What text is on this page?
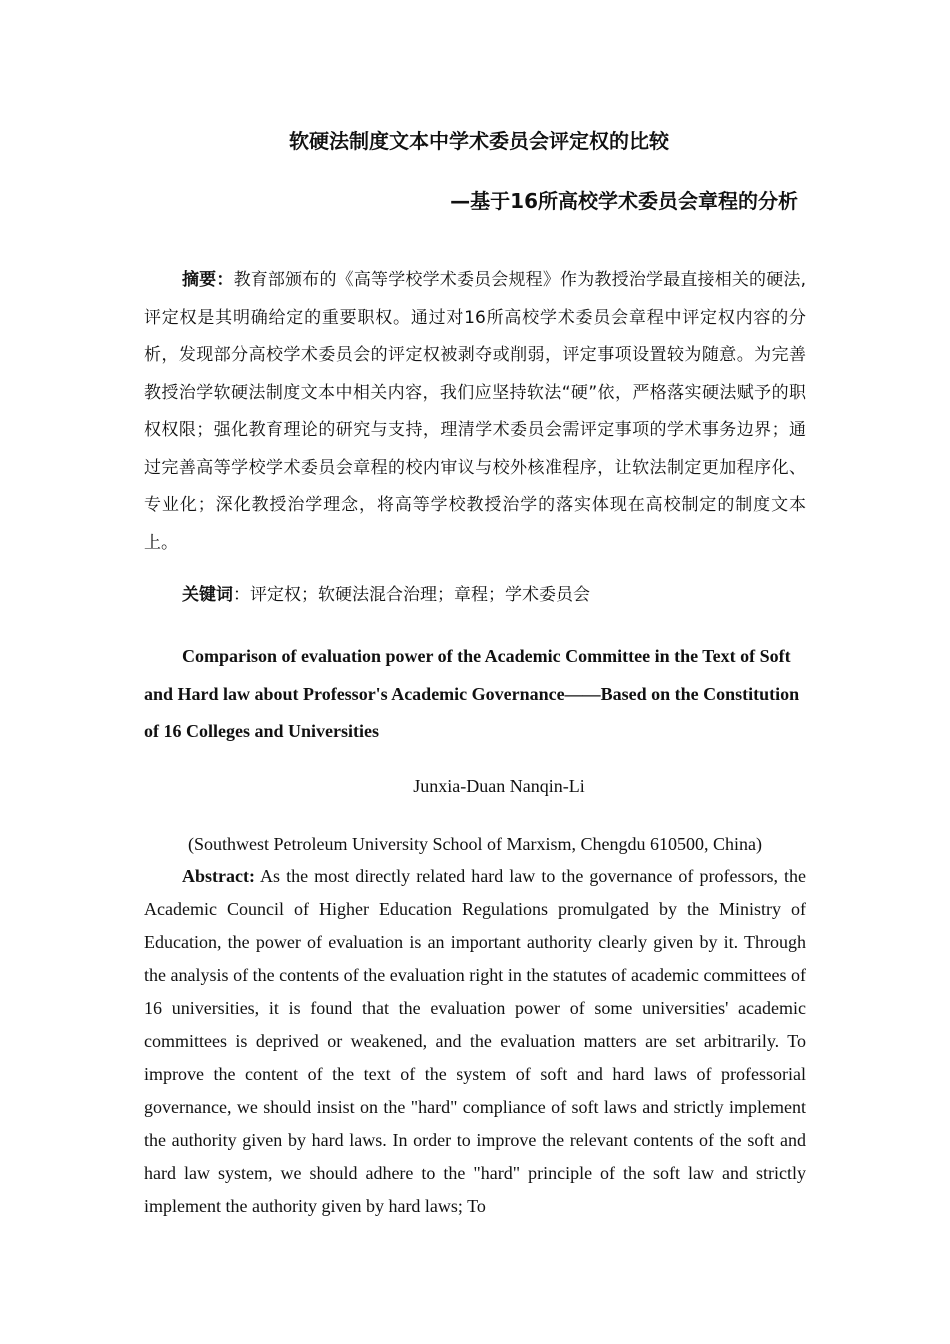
软硬法制度文本中学术委员会评定权的比较
—基于16所高校学术委员会章程的分析

摘要：教育部颁布的《高等学校学术委员会规程》作为教授治学最直接相关的硬法, 评定权是其明确给定的重要职权。通过对16所高校学术委员会章程中评定权内容的分析，发现部分高校学术委员会的评定权被剥夺或削弱，评定事项设置较为随意。为完善教授治学软硬法制度文本中相关内容，我们应坚持软法“硬”依，严格落实硬法赋予的职权权限；强化教育理论的研究与支持，理清学术委员会需评定事项的学术事务边界；通过完善高等学校学术委员会章程的校内审议与校外核准程序，让软法制定更加程序化、专业化；深化教授治学理念，将高等学校教授治学的落实体现在高校制定的制度文本上。

关键词：评定权；软硬法混合治理；章程；学术委员会

Comparison of evaluation power of the Academic Committee in the Text of Soft and Hard law about Professor's Academic Governance——Based on the Constitution of 16 Colleges and Universities

Junxia-Duan Nanqin-Li
(Southwest Petroleum University School of Marxism, Chengdu 610500, China)

Abstract: As the most directly related hard law to the governance of professors, the Academic Council of Higher Education Regulations promulgated by the Ministry of Education, the power of evaluation is an important authority clearly given by it. Through the analysis of the contents of the evaluation right in the statutes of academic committees of 16 universities, it is found that the evaluation power of some universities' academic committees is deprived or weakened, and the evaluation matters are set arbitrarily. To improve the content of the text of the system of soft and hard laws of professorial governance, we should insist on the "hard" compliance of soft laws and strictly implement the authority given by hard laws. In order to improve the relevant contents of the soft and hard law system, we should adhere to the "hard" principle of the soft law and strictly implement the authority given by hard laws; To
